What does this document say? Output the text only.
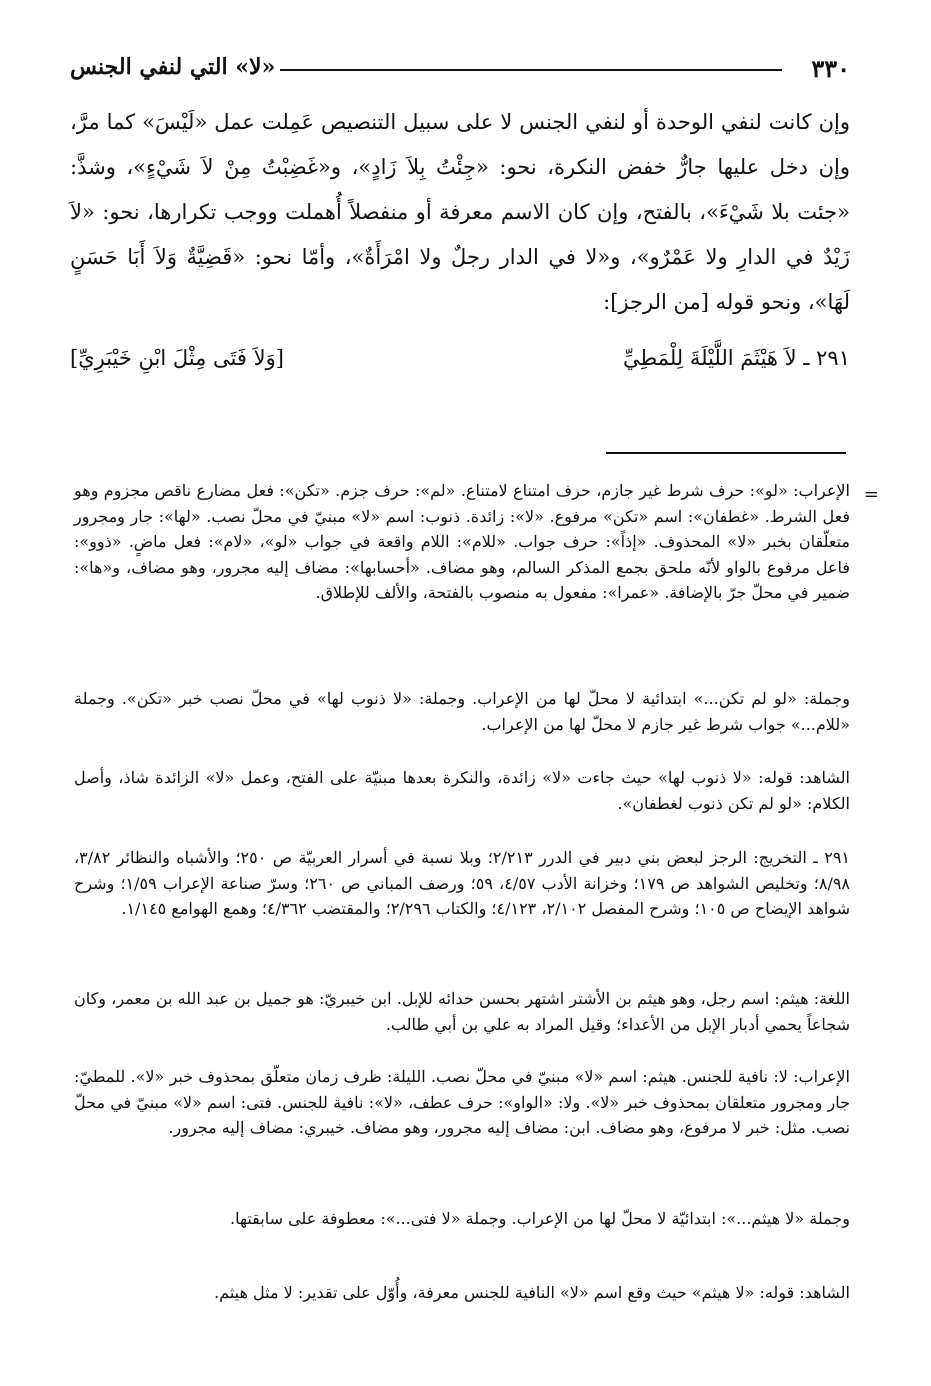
٣٣٠
«لا» التي لنفي الجنس

وإن كانت لنفي الوحدة أو لنفي الجنس لا على سبيل التنصيص عَمِلت عمل «لَيْسَ» كما مرَّ، وإن دخل عليها جارٌّ خفض النكرة، نحو: «جِئْتُ بِلاَ زَادٍ»، و«غَضِبْتُ مِنْ لاَ شَيْءٍ»، وشذَّ: «جئت بلا شَيْءَ»، بالفتح، وإن كان الاسم معرفة أو منفصلاً أُهملت ووجب تكرارها، نحو: «لاَ زَيْدٌ في الدارِ ولا عَمْرٌو»، و«لا في الدار رجلٌ ولا امْرَأَةٌ»، وأمّا نحو: «قَضِيَّةٌ وَلاَ أَبَا حَسَنٍ لَهَا»، ونحو قوله [من الرجز]:

٢٩١ ـ لاَ هَيْثَمَ اللَّيْلَةَ لِلْمَطِيِّ
[وَلاَ فَتَى مِثْلَ ابْنِ خَيْبَرِيِّ]
=

الإعراب: «لو»: حرف شرط غير جازم، حرف امتناع لامتناع. «لم»: حرف جزم. «تكن»: فعل مضارع ناقص مجزوم وهو فعل الشرط. «غطفان»: اسم «تكن» مرفوع. «لا»: زائدة. ذنوب: اسم «لا» مبنيّ في محلّ نصب. «لها»: جار ومجرور متعلّقان بخبر «لا» المحذوف. «إذاً»: حرف جواب. «للام»: اللام واقعة في جواب «لو»، «لام»: فعل ماضٍ. «ذوو»: فاعل مرفوع بالواو لأنّه ملحق بجمع المذكر السالم، وهو مضاف. «أحسابها»: مضاف إليه مجرور، وهو مضاف، و«ها»: ضمير في محلّ جرّ بالإضافة. «عمرا»: مفعول به منصوب بالفتحة، والألف للإطلاق.

وجملة: «لو لم تكن...» ابتدائية لا محلّ لها من الإعراب. وجملة: «لا ذنوب لها» في محلّ نصب خبر «تكن». وجملة «للام...» جواب شرط غير جازم لا محلّ لها من الإعراب.

الشاهد: قوله: «لا ذنوب لها» حيث جاءت «لا» زائدة، والنكرة بعدها مبنيّة على الفتح، وعمل «لا» الزائدة شاذ، وأصل الكلام: «لو لم تكن ذنوب لغطفان».

٢٩١ ـ التخريج: الرجز لبعض بني دبير في الدرر ٢/٢١٣؛ وبلا نسبة في أسرار العربيّة ص ٢٥٠؛ والأشباه والنظائر ٣/٨٢، ٨/٩٨؛ وتخليص الشواهد ص ١٧٩؛ وخزانة الأدب ٤/٥٧، ٥٩؛ ورصف المباني ص ٢٦٠؛ وسرّ صناعة الإعراب ١/٥٩؛ وشرح شواهد الإيضاح ص ١٠٥؛ وشرح المفصل ٢/١٠٢، ٤/١٢٣؛ والكتاب ٢/٢٩٦؛ والمقتضب ٤/٣٦٢؛ وهمع الهوامع ١/١٤٥.

اللغة: هيثم: اسم رجل، وهو هيثم بن الأشتر اشتهر بحسن حدائه للإبل. ابن خيبريّ: هو جميل بن عبد الله بن معمر، وكان شجاعاً يحمي أدبار الإبل من الأعداء؛ وقيل المراد به علي بن أبي طالب.

الإعراب: لا: نافية للجنس. هيثم: اسم «لا» مبنيّ في محلّ نصب. الليلة: ظرف زمان متعلّق بمحذوف خبر «لا». للمطيّ: جار ومجرور متعلقان بمحذوف خبر «لا». ولا: «الواو»: حرف عطف، «لا»: نافية للجنس. فتى: اسم «لا» مبنيّ في محلّ نصب. مثل: خبر لا مرفوع، وهو مضاف. ابن: مضاف إليه مجرور، وهو مضاف. خيبري: مضاف إليه مجرور.

وجملة «لا هيثم...»: ابتدائيّة لا محلّ لها من الإعراب. وجملة «لا فتى...»: معطوفة على سابقتها.

الشاهد: قوله: «لا هيثم» حيث وقع اسم «لا» النافية للجنس معرفة، وأُوّل على تقدير: لا مثل هيثم.
